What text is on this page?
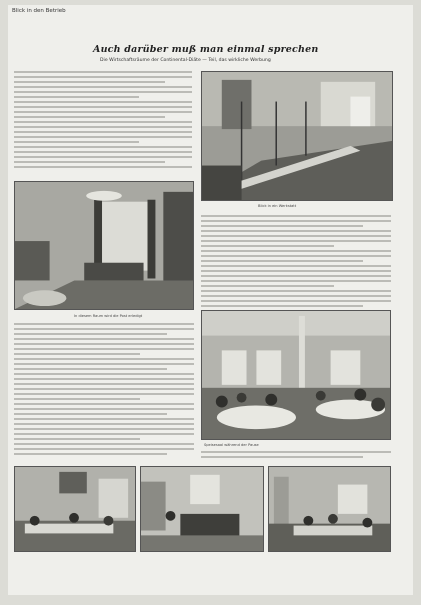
Blick in den Betrieb
Auch darüber muß man einmal sprechen
Die Wirtschaftsräume der Continental-Diäte — Teil, das wirkliche Werbung
Blick in ein Werkstatt
In diesem Raum wird die Post erledigt
Speisesaal während der Pause
